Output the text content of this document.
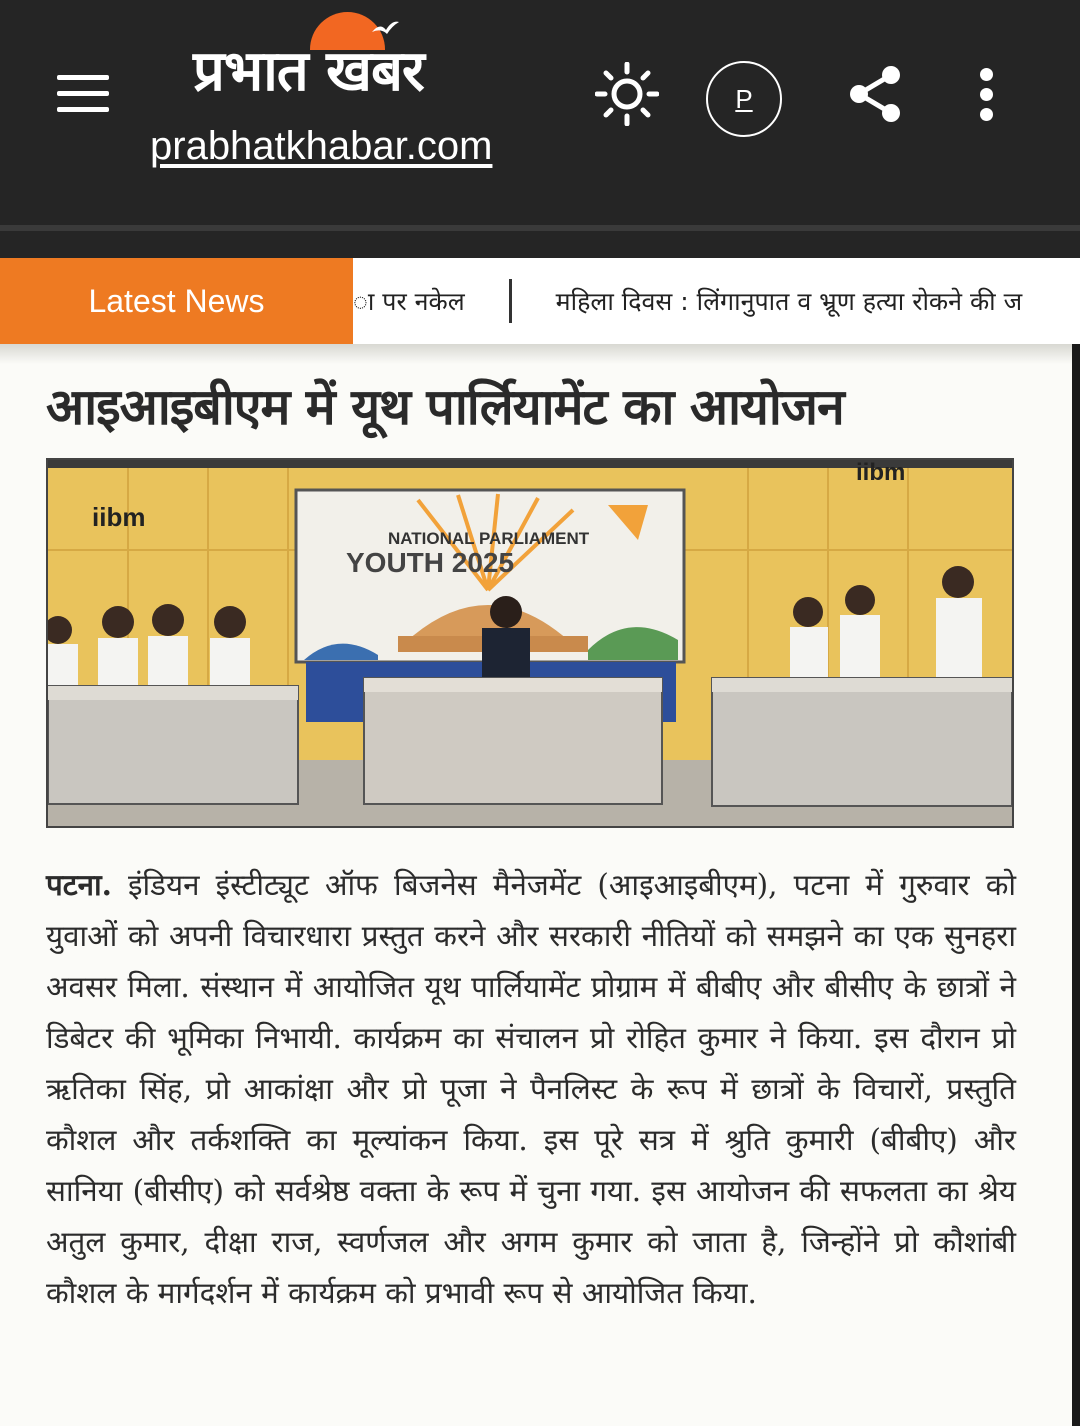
प्रभात खबर
prabhatkhabar.com
P
Latest News	ा पर नकेल	महिला दिवस : लिंगानुपात व भ्रूण हत्या रोकने की ज
आइआइबीएम में यूथ पार्लियामेंट का आयोजन
NATIONAL PARLIAMENT
YOUTH 2025
iibm
iibm
पटना. इंडियन इंस्टीट्यूट ऑफ बिजनेस मैनेजमेंट (आइआइबीएम), पटना में गुरुवार को युवाओं को अपनी विचारधारा प्रस्तुत करने और सरकारी नीतियों को समझने का एक सुनहरा अवसर मिला. संस्थान में आयोजित यूथ पार्लियामेंट प्रोग्राम में बीबीए और बीसीए के छात्रों ने डिबेटर की भूमिका निभायी. कार्यक्रम का संचालन प्रो रोहित कुमार ने किया. इस दौरान प्रो ऋतिका सिंह, प्रो आकांक्षा और प्रो पूजा ने पैनलिस्ट के रूप में छात्रों के विचारों, प्रस्तुति कौशल और तर्कशक्ति का मूल्यांकन किया. इस पूरे सत्र में श्रुति कुमारी (बीबीए) और सानिया (बीसीए) को सर्वश्रेष्ठ वक्ता के रूप में चुना गया. इस आयोजन की सफलता का श्रेय अतुल कुमार, दीक्षा राज, स्वर्णजल और अगम कुमार को जाता है, जिन्होंने प्रो कौशांबी कौशल के मार्गदर्शन में कार्यक्रम को प्रभावी रूप से आयोजित किया.
